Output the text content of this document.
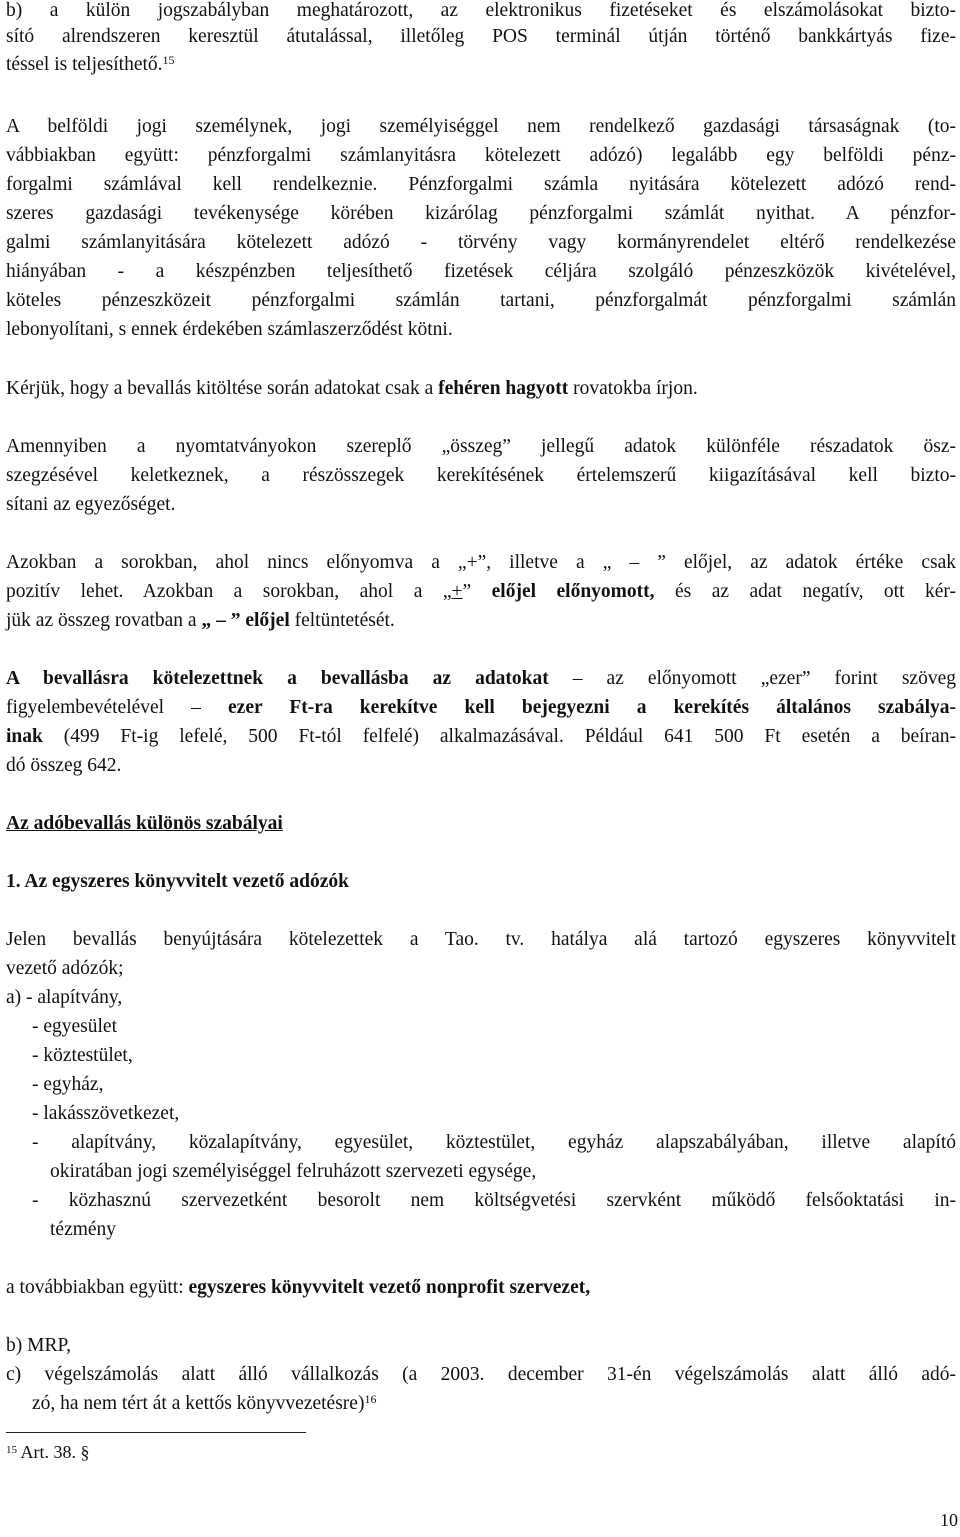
b) a külön jogszabályban meghatározott, az elektronikus fizetéseket és elszámolásokat bizto-
sító alrendszeren keresztül átutalással, illetőleg POS terminál útján történő bankkártyás fize-
téssel is teljesíthető.$^{15}$
A belföldi jogi személynek, jogi személyiséggel nem rendelkező gazdasági társaságnak (to-
vábbiakban együtt: pénzforgalmi számlanyitásra kötelezett adózó) legalább egy belföldi pénz-
forgalmi számlával kell rendelkeznie. Pénzforgalmi számla nyitására kötelezett adózó rend-
szeres gazdasági tevékenysége körében kizárólag pénzforgalmi számlát nyithat. A pénzfor-
galmi számlanyitására kötelezett adózó - törvény vagy kormányrendelet eltérő rendelkezése
hiányában - a készpénzben teljesíthető fizetések céljára szolgáló pénzeszközök kivételével,
köteles pénzeszközeit pénzforgalmi számlán tartani, pénzforgalmát pénzforgalmi számlán
lebonyolítani, s ennek érdekében számlaszerződést kötni.
Kérjük, hogy a bevallás kitöltése során adatokat csak a fehéren hagyott rovatokba írjon.
Amennyiben a nyomtatványokon szereplő „összeg” jellegű adatok különféle részadatok ösz-
szegzésével keletkeznek, a részösszegek kerekítésének értelemszerű kiigazításával kell bizto-
sítani az egyezőséget.
Azokban a sorokban, ahol nincs előnyomva a „+”, illetve a „ – ” előjel, az adatok értéke csak
pozitív lehet. Azokban a sorokban, ahol a „+” előjel előnyomott, és az adat negatív, ott kér-
jük az összeg rovatban a „ – ” előjel feltüntetését.
A bevallásra kötelezettnek a bevallásba az adatokat – az előnyomott „ezer” forint szöveg
figyelembevételével – ezer Ft-ra kerekítve kell bejegyezni a kerekítés általános szabálya-
inak (499 Ft-ig lefelé, 500 Ft-tól felfelé) alkalmazásával. Például 641 500 Ft esetén a beíran-
dó összeg 642.
Az adóbevallás különös szabályai
1. Az egyszeres könyvvitelt vezető adózók
Jelen bevallás benyújtására kötelezettek a Tao. tv. hatálya alá tartozó egyszeres könyvvitelt
vezető adózók;
a) - alapítvány,
- egyesület
- köztestület,
- egyház,
- lakásszövetkezet,
- alapítvány, közalapítvány, egyesület, köztestület, egyház alapszabályában, illetve alapító
okiratában jogi személyiséggel felruházott szervezeti egysége,
- közhasznú szervezetként besorolt nem költségvetési szervként működő felsőoktatási in-
tézmény
a továbbiakban együtt: egyszeres könyvvitelt vezető nonprofit szervezet,
b) MRP,
c) végelszámolás alatt álló vállalkozás (a 2003. december 31-én végelszámolás alatt álló adó-
zó, ha nem tért át a kettős könyvvezetésre)$^{16}$
$^{15}$ Art. 38. §
10
